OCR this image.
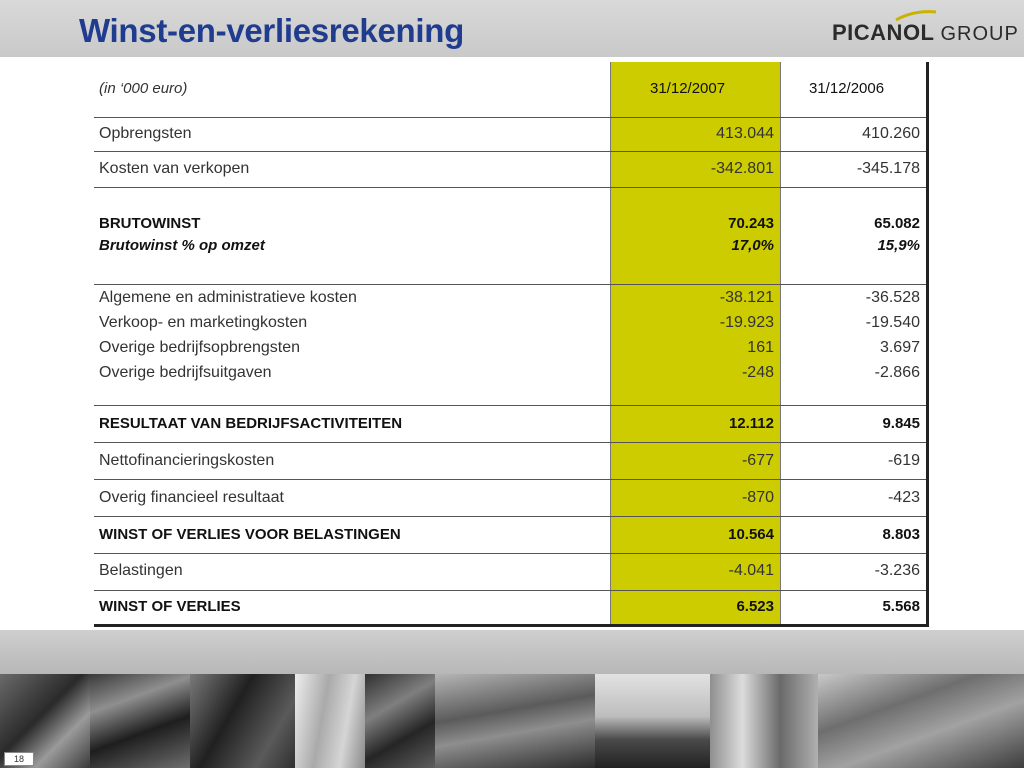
Winst-en-verliesrekening	PICANOL GROUP
(in ‘000 euro)	31/12/2007	31/12/2006
Opbrengsten	413.044	410.260
Kosten van verkopen	-342.801	-345.178
BRUTOWINST	70.243	65.082
Brutowinst % op omzet	17,0%	15,9%
Algemene en administratieve kosten	-38.121	-36.528
Verkoop- en marketingkosten	-19.923	-19.540
Overige bedrijfsopbrengsten	161	3.697
Overige bedrijfsuitgaven	-248	-2.866
RESULTAAT VAN BEDRIJFSACTIVITEITEN	12.112	9.845
Nettofinancieringskosten	-677	-619
Overig financieel resultaat	-870	-423
WINST OF VERLIES VOOR BELASTINGEN	10.564	8.803
Belastingen	-4.041	-3.236
WINST OF VERLIES	6.523	5.568
18
